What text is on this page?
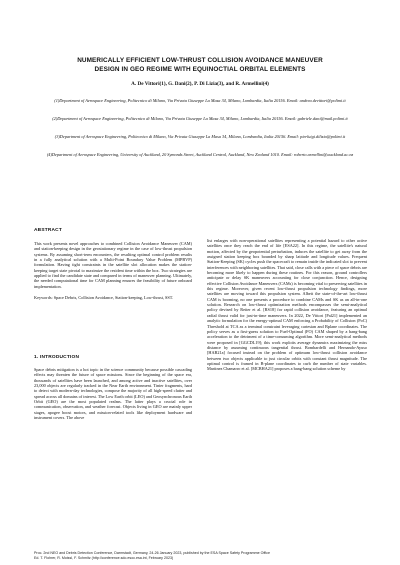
NUMERICALLY EFFICIENT LOW-THRUST COLLISION AVOIDANCE MANEUVER
DESIGN IN GEO REGIME WITH EQUINOCTIAL ORBITAL ELEMENTS
A. De Vittori(1), G. Dani(2), P. Di Lizia(3), and R. Armellini(4)
(1)Department of Aerospace Engineering, Politecnico di Milano, Via Privata Giuseppe La Masa 34, Milano, Lombardia, Italia 20156. Email: andrea.devittori@polimi.it
(2)Department of Aerospace Engineering, Politecnico di Milano, Via Privata Giuseppe La Masa 34, Milano, Lombardia, Italia 20156. Email: gabriele.dani@mail.polimi.it
(3)Department of Aerospace Engineering, Politecnico di Milano, Via Privata Giuseppe La Masa 34, Milano, Lombardia, Italia 20156. Email: pierluigi.dilizia@polimi.it
(4)Department of Aerospace Engineering, University of Auckland, 20 Symonds Street, Auckland Central, Auckland, New Zealand 1010. Email: roberto.armellini@auckland.ac.nz
ABSTRACT

This work presents novel approaches to combined Collision Avoidance Maneuver (CAM) and station-keeping design in the geostationary regime in the case of low-thrust propulsion systems. By assuming short-term encounters, the resulting optimal control problem results in a fully analytical solution with a Multi-Point Boundary Value Problem (MPBVP) formulation. Having tight constraints in the satellite slot allocation makes the station-keeping target state pivotal to maximize the resident time within the box. Two strategies are applied to find the candidate state and compared in terms of maneuver planning. Ultimately, the needed computational time for CAM planning ensures the feasibility of future onboard implementation.

Keywords: Space Debris, Collision Avoidance, Station-keeping, Low-thrust, SST.

1. INTRODUCTION

Space debris mitigation is a hot topic in the science community because possible cascading effects may threaten the future of space missions. Since the beginning of the space era, thousands of satellites have been launched, and among active and inactive satellites, over 23,000 objects are regularly tracked in the Near Earth environment. Tinier fragments, hard to detect with modern-day technologies, compose the majority of all high-speed clutter and spread across all domains of interest. The Low Earth orbit (LEO) and Geosynchronous Earth Orbit (GEO) are the most populated realms. The latter plays a crucial role in communication, observation, and weather forecast. Objects living in GEO are mainly upper stages, apogee boost motors, and mission-related tools like deployment hardware and instrument covers. The above

list enlarges with non-operational satellites representing a potential hazard to other active satellites once they reach the end of life [ESA22]. In this regime, the satellite's natural motion, affected by the geopotential perturbation, induces the satellite to get away from the assigned station keeping box bounded by sharp latitude and longitude values. Frequent Station-Keeping (SK) cycles push the spacecraft to remain inside the indicated slot to prevent interferences with neighboring satellites. That said, close calls with a piece of space debris are becoming more likely to happen during these routines. For this reason, ground controllers anticipate or delay SK maneuvers accounting for close conjunction. Hence, designing effective Collision Avoidance Maneuvers (CAMs) is becoming vital to preserving satellites in this regime. Moreover, given recent low-thrust propulsion technology findings, more satellites are moving toward this propulsion system. Albeit the state-of-the-art low-thrust CAM is booming, no one presents a procedure to combine CAMs and SK as an all-in-one solution. Research on low-thrust optimization methods encompasses the semi-analytical policy devised by Reiter et al. [RS18] for rapid collision avoidance, featuring an optimal radial thrust valid for just-in-time maneuvers. In 2022, De Vittori [Pal21] implemented an analytic formulation for the energy-optimal CAM enforcing a Probability of Collision (PoC) Threshold at TCA as a terminal constraint leveraging cartesian and Bplane coordinates. The policy serves as a first-guess solution to Fuel-Optimal (FO) CAM shaped by a bang-bang acceleration to the detriment of a time-consuming algorithm. More semi-analytical methods were proposed in [GGCDL19]; this work exploits average dynamics maximizing the miss distance by assuming continuous tangential thrust. Bombardelli and Hernando-Ayuso [HAB21a] focused instead on the problem of optimum low-thrust collision avoidance between two objects applicable to just circular orbits with constant thrust magnitude. The optimal control is framed in B-plane coordinates to curb the number of state variables. Martinez Chamarro et al. [MCBHA21] proposes a bang-bang solution scheme by

Proc. 2nd NEO and Debris Detection Conference, Darmstadt, Germany, 24-26 January 2023, published by the ESA Space Safety Programme Office
Ed. T. Flohrer, R. Moissl, F. Schmitz (http://conference.sdo.esoc.esa.int, February 2023)
